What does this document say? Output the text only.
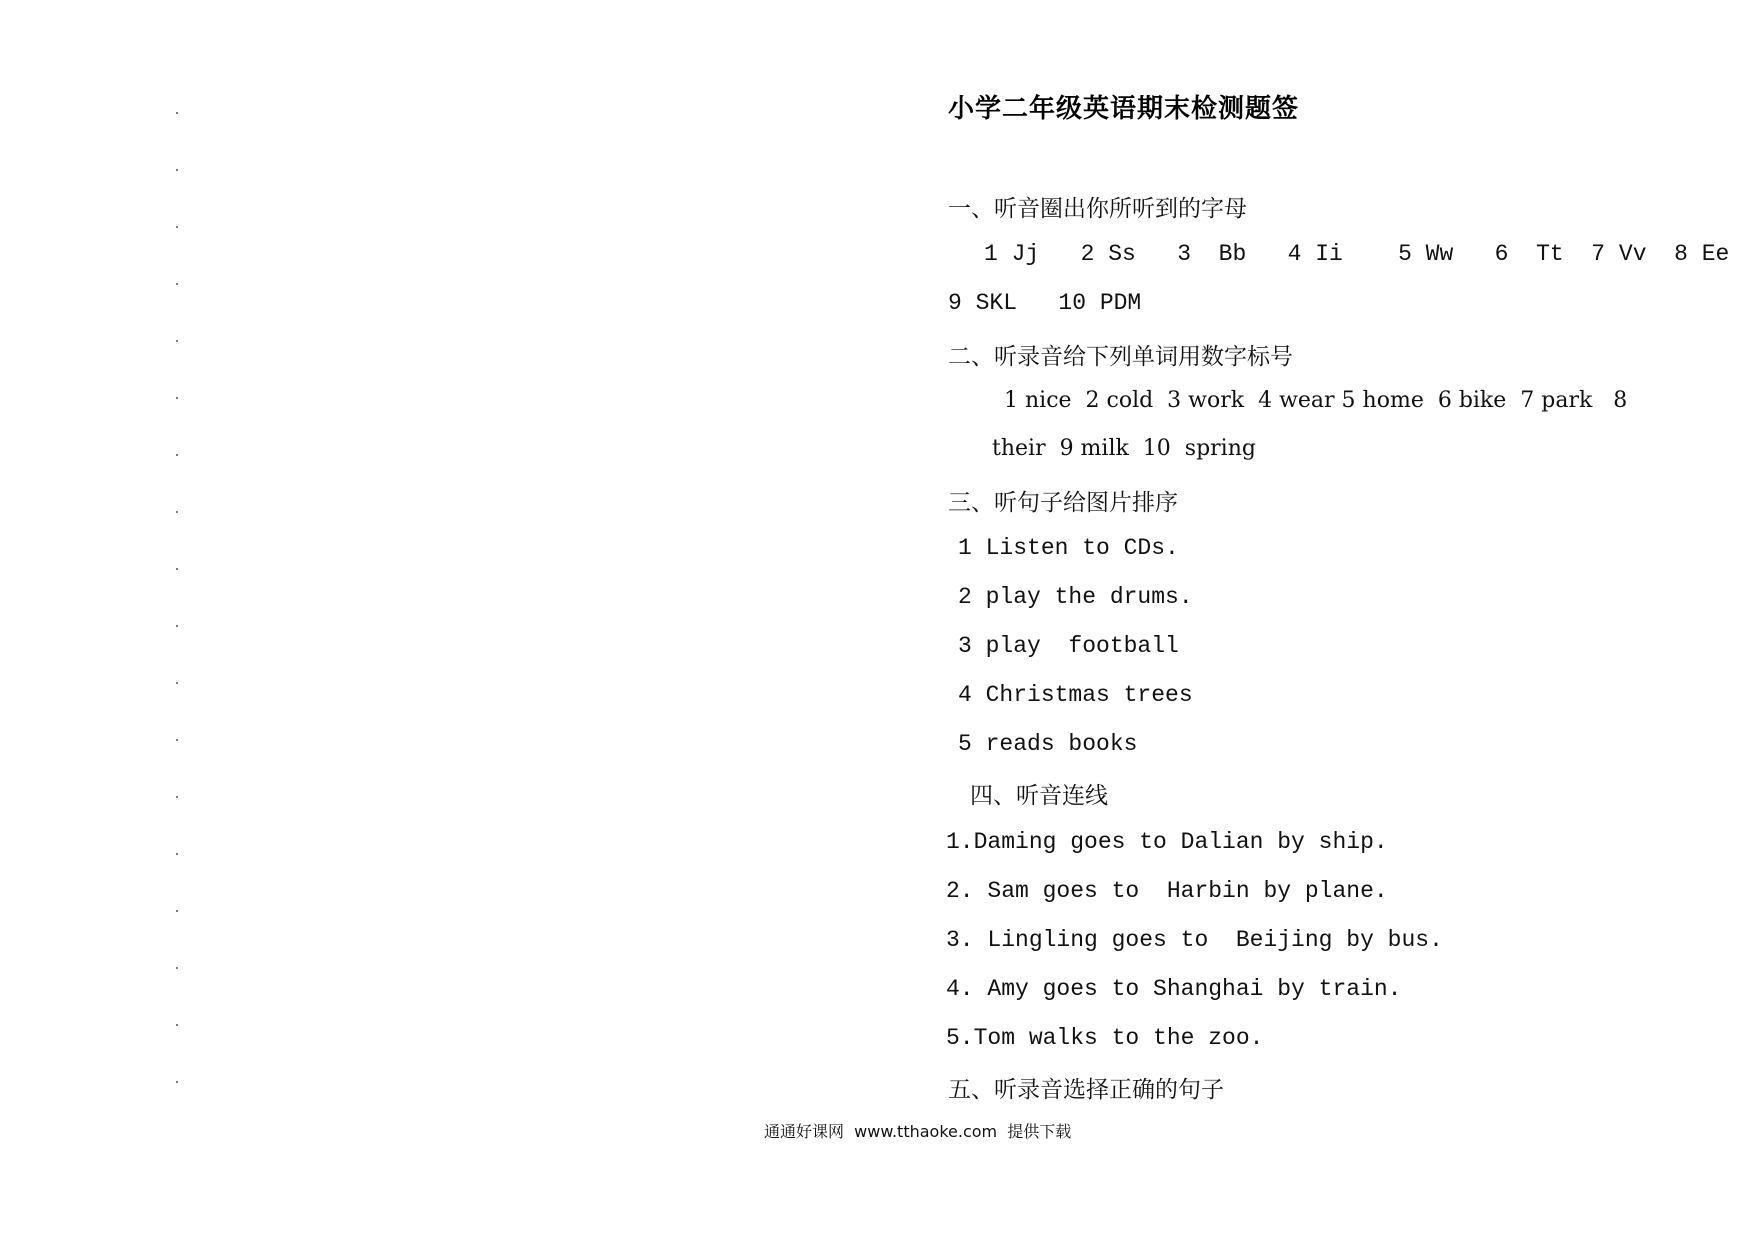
小学二年级英语期末检测题签
一、听音圈出你所听到的字母
1 Jj   2 Ss   3  Bb   4 Ii    5 Ww   6  Tt  7 Vv  8 Ee
9 SKL   10 PDM
二、听录音给下列单词用数字标号
1 nice  2 cold  3 work  4 wear 5 home  6 bike  7 park   8
their  9 milk  10  spring
三、听句子给图片排序
1 Listen to CDs.
2 play the drums.
3 play  football
4 Christmas trees
5 reads books
四、听音连线
1.Daming goes to Dalian by ship.
2. Sam goes to  Harbin by plane.
3. Lingling goes to  Beijing by bus.
4. Amy goes to Shanghai by train.
5.Tom walks to the zoo.
五、听录音选择正确的句子
通通好课网  www.tthaoke.com  提供下载
